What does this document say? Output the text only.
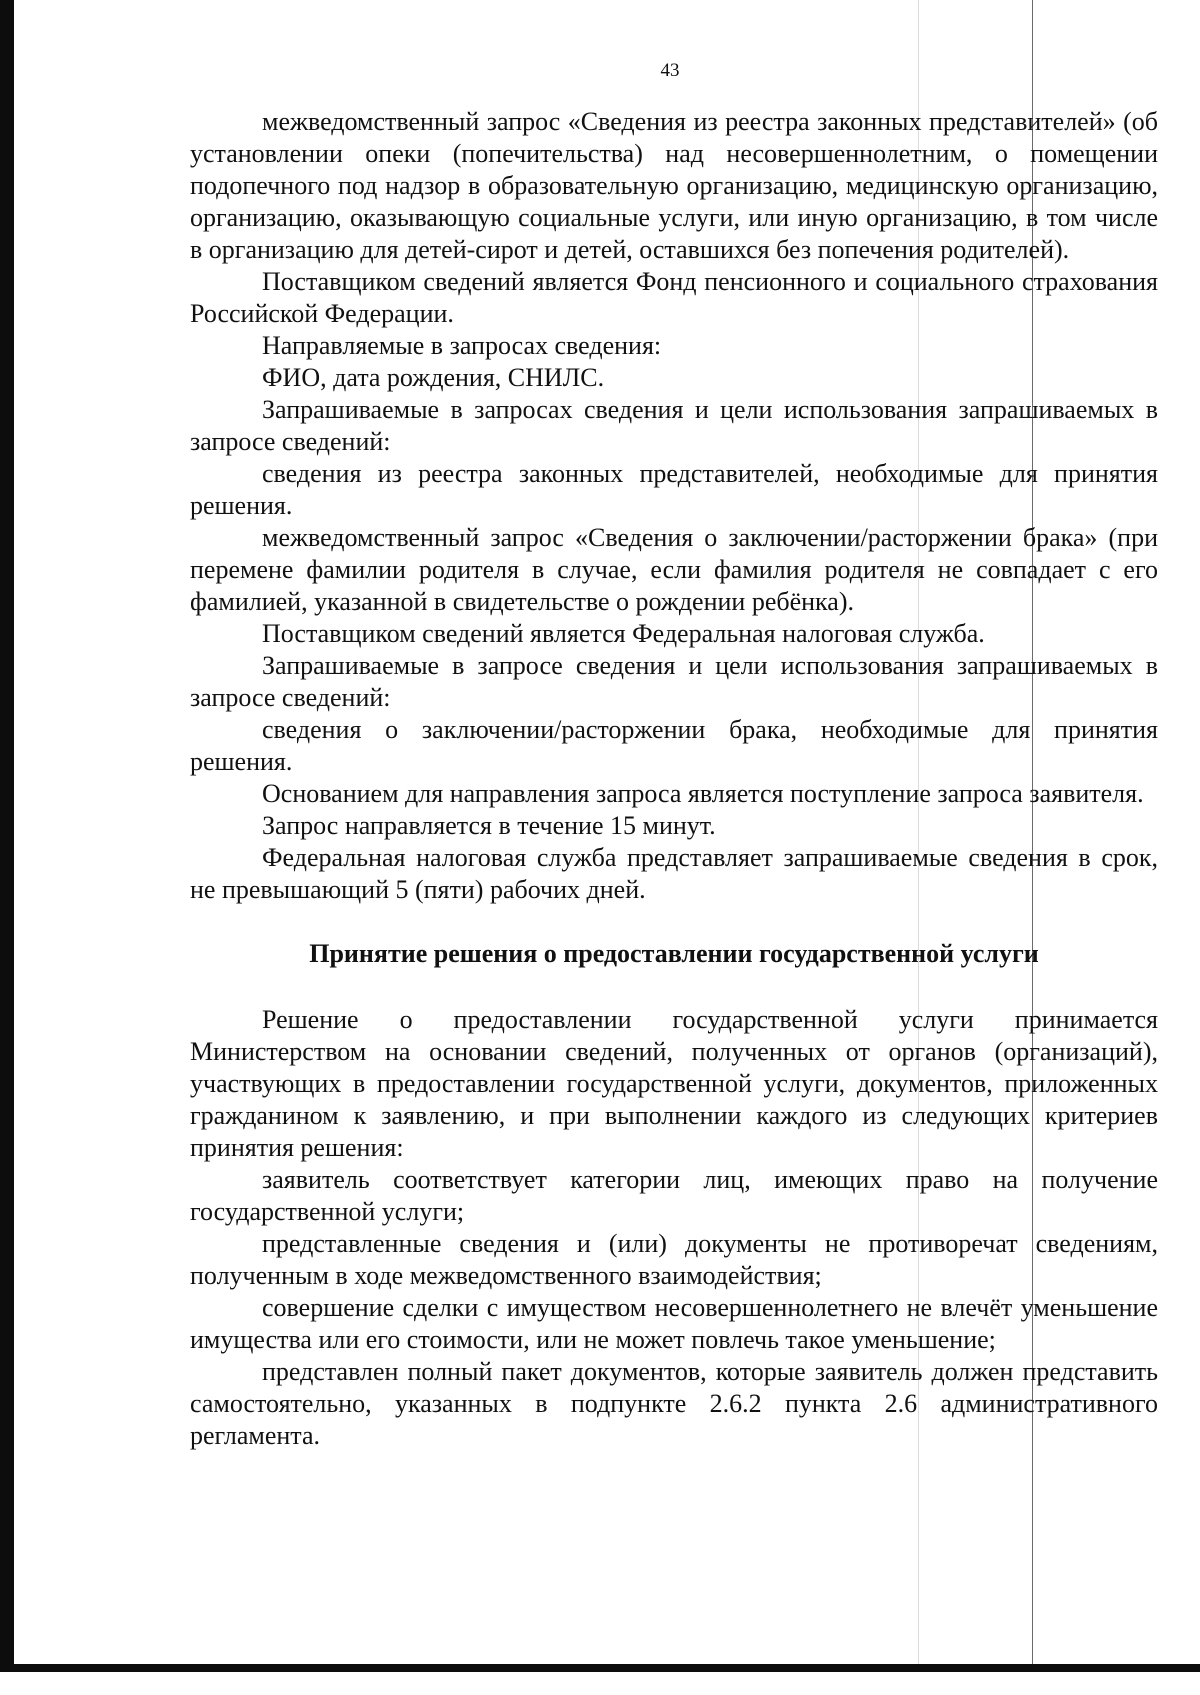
43

межведомственный запрос «Сведения из реестра законных представителей» (об установлении опеки (попечительства) над несовершеннолетним, о помещении подопечного под надзор в образовательную организацию, медицинскую организацию, организацию, оказывающую социальные услуги, или иную организацию, в том числе в организацию для детей-сирот и детей, оставшихся без попечения родителей).

Поставщиком сведений является Фонд пенсионного и социального страхования Российской Федерации.

Направляемые в запросах сведения:

ФИО, дата рождения, СНИЛС.

Запрашиваемые в запросах сведения и цели использования запрашиваемых в запросе сведений:

сведения из реестра законных представителей, необходимые для принятия решения.

межведомственный запрос «Сведения о заключении/расторжении брака» (при перемене фамилии родителя в случае, если фамилия родителя не совпадает с его фамилией, указанной в свидетельстве о рождении ребёнка).

Поставщиком сведений является Федеральная налоговая служба.

Запрашиваемые в запросе сведения и цели использования запрашиваемых в запросе сведений:

сведения о заключении/расторжении брака, необходимые для принятия решения.

Основанием для направления запроса является поступление запроса заявителя.

Запрос направляется в течение 15 минут.

Федеральная налоговая служба представляет запрашиваемые сведения в срок, не превышающий 5 (пяти) рабочих дней.

Принятие решения о предоставлении государственной услуги

Решение о предоставлении государственной услуги принимается Министерством на основании сведений, полученных от органов (организаций), участвующих в предоставлении государственной услуги, документов, приложенных гражданином к заявлению, и при выполнении каждого из следующих критериев принятия решения:

заявитель соответствует категории лиц, имеющих право на получение государственной услуги;

представленные сведения и (или) документы не противоречат сведениям, полученным в ходе межведомственного взаимодействия;

совершение сделки с имуществом несовершеннолетнего не влечёт уменьшение имущества или его стоимости, или не может повлечь такое уменьшение;

представлен полный пакет документов, которые заявитель должен представить самостоятельно, указанных в подпункте 2.6.2 пункта 2.6 административного регламента.
